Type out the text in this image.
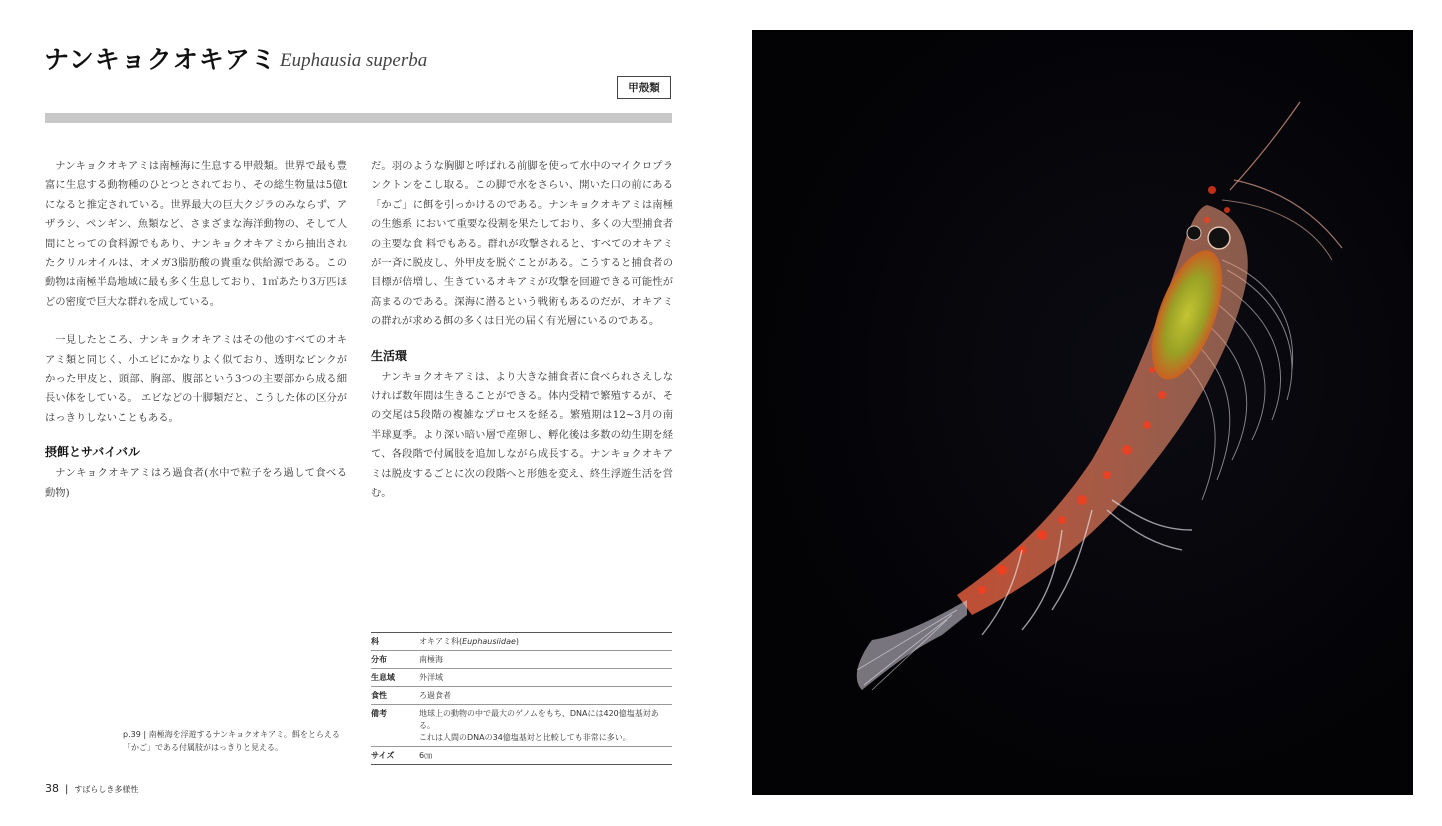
ナンキョクオキアミ Euphausia superba
甲殻類

ナンキョクオキアミは南極海に生息する甲殻類。世界で最も豊富に生息する動物種のひとつとされており、その総生物量は5億tになると推定されている。世界最大の巨大クジラのみならず、アザラシ、ペンギン、魚類など、さまざまな海洋動物の、そして人間にとっての食料源でもあり、ナンキョクオキアミから抽出されたクリルオイルは、オメガ3脂肪酸の貴重な供給源である。この動物は南極半島地域に最も多く生息しており、1㎡あたり3万匹ほどの密度で巨大な群れを成している。

一見したところ、ナンキョクオキアミはその他のすべてのオキアミ類と同じく、小エビにかなりよく似ており、透明なピンクがかった甲皮と、頭部、胸部、腹部という3つの主要部から成る細長い体をしている。 エビなどの十脚類だと、こうした体の区分がはっきりしないこともある。

摂餌とサバイバル

ナンキョクオキアミはろ過食者(水中で粒子をろ過して食べる動物)

だ。羽のような胸脚と呼ばれる前脚を使って水中のマイクロプランクトンをこし取る。この脚で水をさらい、開いた口の前にある「かご」に餌を引っかけるのである。ナンキョクオキアミは南極の生態系 において重要な役割を果たしており、多くの大型捕食者の主要な食 料でもある。群れが攻撃されると、すべてのオキアミが一斉に脱皮し、外甲皮を脱ぐことがある。こうすると捕食者の目標が倍増し、生きているオキアミが攻撃を回避できる可能性が高まるのである。深海に潜るという戦術もあるのだが、オキアミの群れが求める餌の多くは日光の届く有光層にいるのである。

生活環

ナンキョクオキアミは、より大きな捕食者に食べられさえしなければ数年間は生きることができる。体内受精で繁殖するが、その交尾は5段階の複雑なプロセスを経る。繁殖期は12~3月の南半球夏季。より深い暗い層で産卵し、孵化後は多数の幼生期を経て、各段階で付属肢を追加しながら成長する。ナンキョクオキアミは脱皮するごとに次の段階へと形態を変え、終生浮遊生活を営む。

科	オキアミ科(Euphausiidae)
分布	南極海
生息域	外洋域
食性	ろ過食者
備考	地球上の動物の中で最大のゲノムをもち、DNAには420億塩基対ある。
これは人間のDNAの34億塩基対と比較しても非常に多い。

サイズ	6㎝
p.39 | 南極海を浮遊するナンキョクオキアミ。餌をとらえる
「かご」である付属肢がはっきりと見える。
38 | すばらしき多様性
